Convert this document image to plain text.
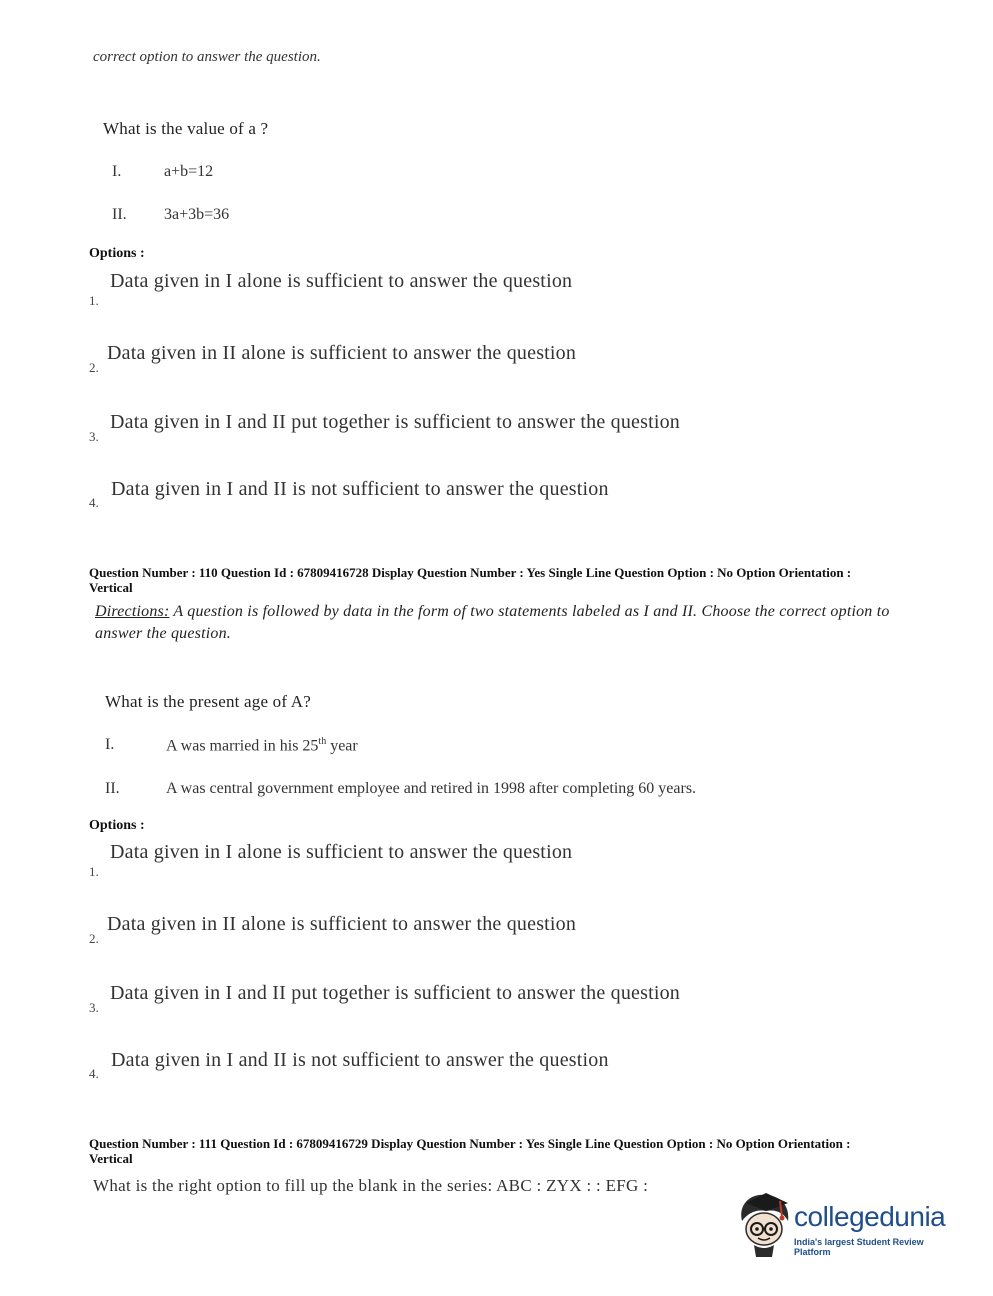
correct option to answer the question.
What is the value of a ?
I.	a+b=12
II. 3a+3b=36
Options :
Data given in I alone is sufficient to answer the question
1.
Data given in II alone is sufficient to answer the question
2.
Data given in I and II put together is sufficient to answer the question
3.
Data given in I and II is not sufficient to answer the question
4.
Question Number : 110 Question Id : 67809416728 Display Question Number : Yes Single Line Question Option : No Option Orientation : Vertical
Directions: A question is followed by data in the form of two statements labeled as I and II. Choose the correct option to answer the question.
What is the present age of A?
I.	A was married in his 25th year
II.	A was central government employee and retired in 1998 after completing 60 years.
Options :
Data given in I alone is sufficient to answer the question
1.
Data given in II alone is sufficient to answer the question
2.
Data given in I and II put together is sufficient to answer the question
3.
Data given in I and II is not sufficient to answer the question
4.
Question Number : 111 Question Id : 67809416729 Display Question Number : Yes Single Line Question Option : No Option Orientation : Vertical
What is the right option to fill up the blank in the series: ABC : ZYX : : EFG :
collegedunia
India's largest Student Review Platform
